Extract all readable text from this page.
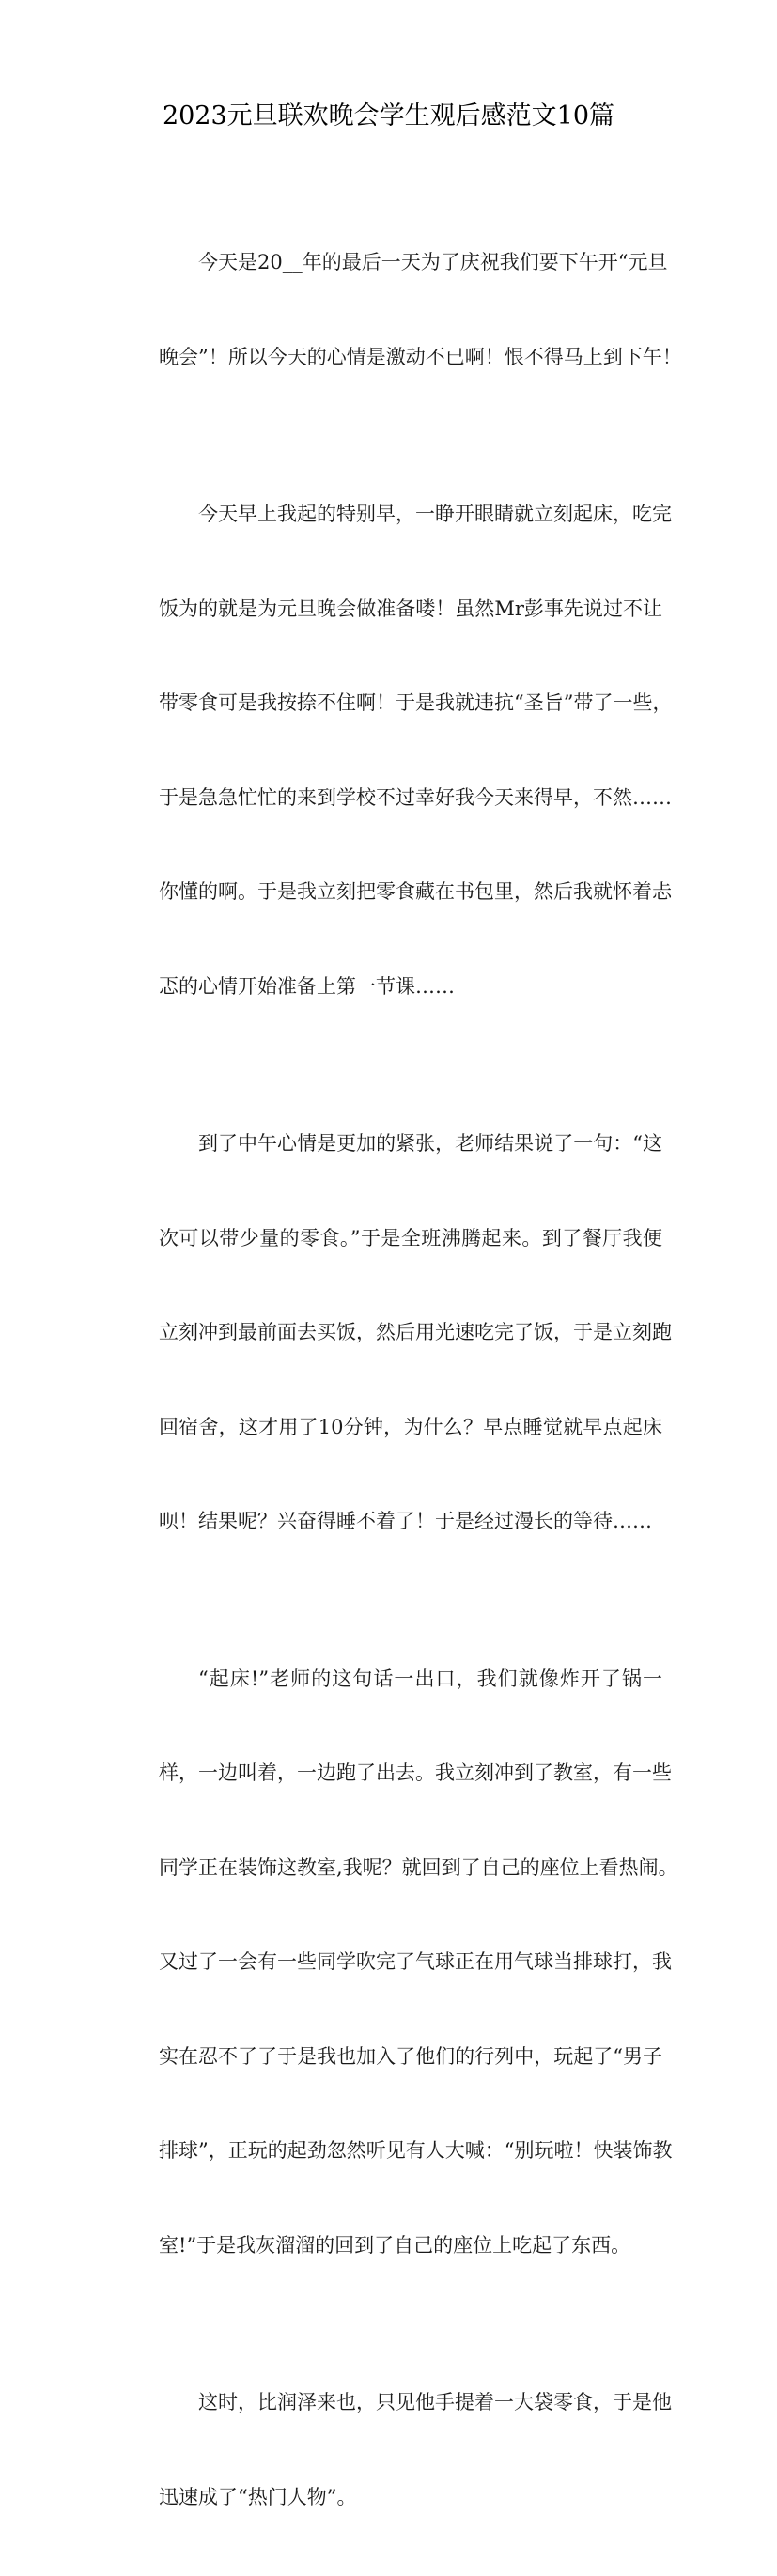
2023元旦联欢晚会学生观后感范文10篇

今天是20__年的最后一天为了庆祝我们要下午开“元旦

晚会”！所以今天的心情是激动不已啊！恨不得马上到下午！

今天早上我起的特别早，一睁开眼睛就立刻起床，吃完

饭为的就是为元旦晚会做准备喽！虽然Mr彭事先说过不让

带零食可是我按捺不住啊！于是我就违抗“圣旨”带了一些，

于是急急忙忙的来到学校不过幸好我今天来得早，不然……

你懂的啊。于是我立刻把零食藏在书包里，然后我就怀着忐

忑的心情开始准备上第一节课……

到了中午心情是更加的紧张，老师结果说了一句：“这

次可以带少量的零食。”于是全班沸腾起来。到了餐厅我便

立刻冲到最前面去买饭，然后用光速吃完了饭，于是立刻跑

回宿舍，这才用了10分钟，为什么？早点睡觉就早点起床

呗！结果呢？兴奋得睡不着了！于是经过漫长的等待……

“起床!”老师的这句话一出口，我们就像炸开了锅一

样，一边叫着，一边跑了出去。我立刻冲到了教室，有一些

同学正在装饰这教室,我呢？就回到了自己的座位上看热闹。

又过了一会有一些同学吹完了气球正在用气球当排球打，我

实在忍不了了于是我也加入了他们的行列中，玩起了“男子

排球”，正玩的起劲忽然听见有人大喊：“别玩啦！快装饰教

室!”于是我灰溜溜的回到了自己的座位上吃起了东西。

这时，比润泽来也，只见他手提着一大袋零食，于是他

迅速成了“热门人物”。
